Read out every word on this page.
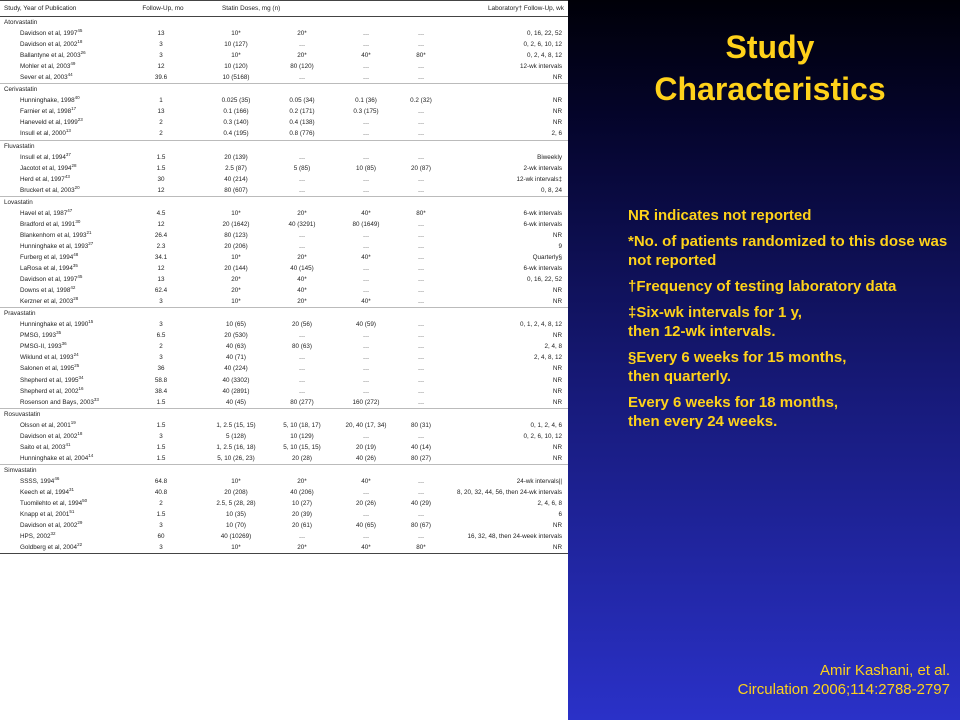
Study, Year of Publication	Follow-Up, mo	Statin Doses, mg (n)				Laboratory† Follow-Up, wk
Atorvastatin						
Davidson et al, 1997$^{45}$	13	10*	20*	…	…	0, 16, 22, 52
Davidson et al, 2002$^{18}$	3	10 (127)	…	…	…	0, 2, 6, 10, 12
Ballantyne et al, 2003$^{26}$	3	10*	20*	40*	80*	0, 2, 4, 8, 12
Mohler et al, 2003$^{49}$	12	10 (120)	80 (120)	…	…	12-wk intervals
Sever et al, 2003$^{44}$	39.6	10 (5168)	…	…	…	NR
Cerivastatin						
Hunninghake, 1998$^{40}$	1	0.025 (35)	0.05 (34)	0.1 (36)	0.2 (32)	NR
Farnier et al, 1998$^{17}$	13	0.1 (166)	0.2 (171)	0.3 (175)	…	NR
Haneveld et al, 1999$^{23}$	2	0.3 (140)	0.4 (138)	…	…	NR
Insull et al, 2000$^{13}$	2	0.4 (195)	0.8 (776)	…	…	2, 6
Fluvastatin						
Insull et al, 1994$^{37}$	1.5	20 (139)	…	…	…	Biweekly
Jacotot et al, 1994$^{28}$	1.5	2.5 (87)	5 (85)	10 (85)	20 (87)	2-wk intervals
Herd et al, 1997$^{43}$	30	40 (214)	…	…	…	12-wk intervals‡
Bruckert et al, 2003$^{20}$	12	80 (607)	…	…	…	0, 8, 24
Lovastatin						
Havel et al, 1987$^{47}$	4.5	10*	20*	40*	80*	6-wk intervals
Bradford et al, 1991$^{30}$	12	20 (1642)	40 (3291)	80 (1649)	…	6-wk intervals
Blankenhorn et al, 1993$^{21}$	26.4	80 (123)	…	…	…	NR
Hunninghake et al, 1993$^{27}$	2.3	20 (206)	…	…	…	9
Furberg et al, 1994$^{48}$	34.1	10*	20*	40*	…	Quarterly§
LaRosa et al, 1994$^{35}$	12	20 (144)	40 (145)	…	…	6-wk intervals
Davidson et al, 1997$^{45}$	13	20*	40*	…	…	0, 16, 22, 52
Downs et al, 1998$^{42}$	62.4	20*	40*	…	…	NR
Kerzner et al, 2003$^{28}$	3	10*	20*	40*	…	NR
Pravastatin						
Hunninghake et al, 1990$^{15}$	3	10 (65)	20 (56)	40 (59)	…	0, 1, 2, 4, 8, 12
PMSG, 1993$^{35}$	6.5	20 (530)	…	…	…	NR
PMSG-II, 1993$^{36}$	2	40 (63)	80 (63)	…	…	2, 4, 8
Wiklund et al, 1993$^{24}$	3	40 (71)	…	…	…	2, 4, 8, 12
Salonen et al, 1995$^{25}$	36	40 (224)	…	…	…	NR
Shepherd et al, 1995$^{34}$	58.8	40 (3302)	…	…	…	NR
Shepherd et al, 2002$^{16}$	38.4	40 (2891)	…	…	…	NR
Rosenson and Bays, 2003$^{33}$	1.5	40 (45)	80 (277)	160 (272)	…	NR
Rosuvastatin						
Olsson et al, 2001$^{19}$	1.5	1, 2.5 (15, 15)	5, 10 (18, 17)	20, 40 (17, 34)	80 (31)	0, 1, 2, 4, 6
Davidson et al, 2002$^{18}$	3	5 (128)	10 (129)	…	…	0, 2, 6, 10, 12
Saito et al, 2003$^{41}$	1.5	1, 2.5 (16, 18)	5, 10 (15, 15)	20 (19)	40 (14)	NR
Hunninghake et al, 2004$^{14}$	1.5	5, 10 (26, 23)	20 (28)	40 (26)	80 (27)	NR
Simvastatin						
SSSS, 1994$^{46}$	64.8	10*	20*	40*	…	24-wk intervals||
Keech et al, 1994$^{31}$	40.8	20 (208)	40 (206)	…	…	8, 20, 32, 44, 56, then 24-wk intervals
Tuomilehto et al, 1994$^{50}$	2	2.5, 5 (28, 28)	10 (27)	20 (26)	40 (29)	2, 4, 6, 8
Knapp et al, 2001$^{51}$	1.5	10 (35)	20 (39)	…	…	6
Davidson et al, 2002$^{29}$	3	10 (70)	20 (61)	40 (65)	80 (67)	NR
HPS, 2002$^{32}$	60	40 (10269)	…	…	…	16, 32, 48, then 24-week intervals
Goldberg et al, 2004$^{22}$	3	10*	20*	40*	80*	NR
Study
Characteristics

NR indicates not reported

*No. of patients randomized to this dose was not reported

†Frequency of testing laboratory data

‡Six-wk intervals for 1 y,
then 12-wk intervals.

§Every 6 weeks for 15 months,
then quarterly.

Every 6 weeks for 18 months,
then every 24 weeks.

Amir Kashani, et al.
Circulation 2006;114:2788-2797
